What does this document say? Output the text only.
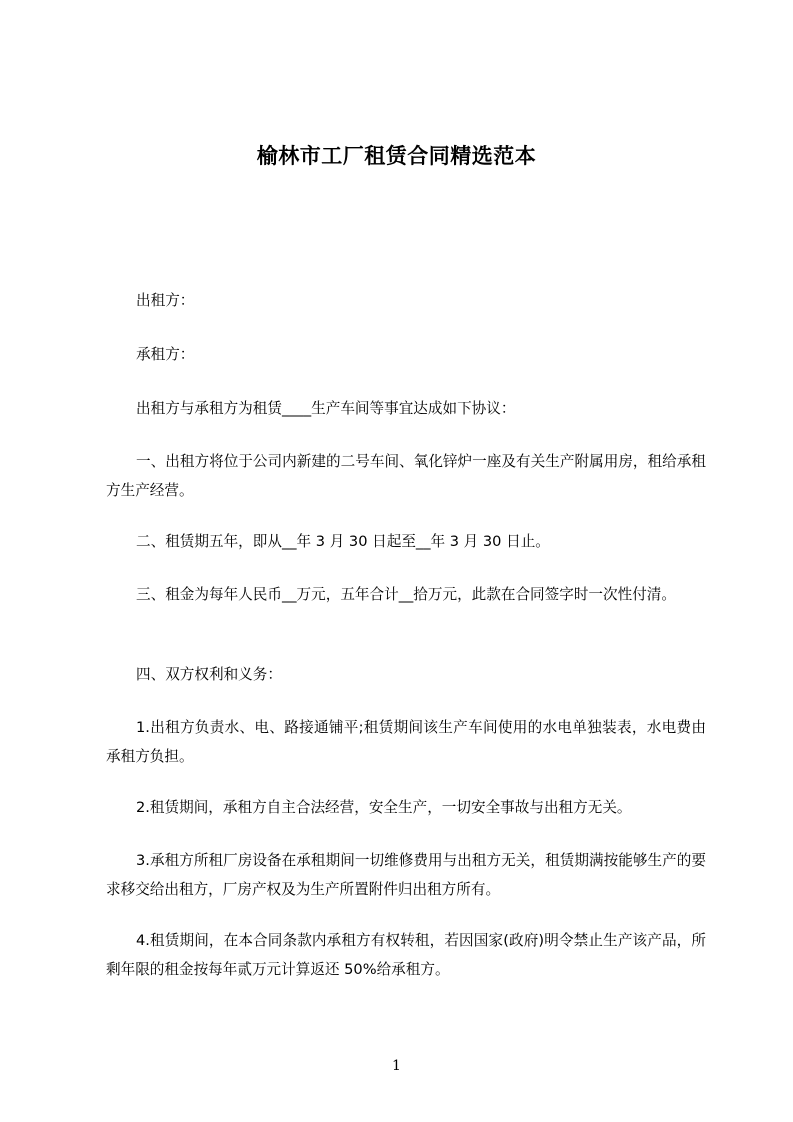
榆林市工厂租赁合同精选范本

出租方：

承租方：

出租方与承租方为租赁____生产车间等事宜达成如下协议：

一、出租方将位于公司内新建的二号车间、氧化锌炉一座及有关生产附属用房，租给承租方生产经营。

二、租赁期五年，即从__年 3 月 30 日起至__年 3 月 30 日止。

三、租金为每年人民币__万元，五年合计__拾万元，此款在合同签字时一次性付清。

四、双方权利和义务：

1.出租方负责水、电、路接通铺平;租赁期间该生产车间使用的水电单独装表，水电费由承租方负担。

2.租赁期间，承租方自主合法经营，安全生产，一切安全事故与出租方无关。

3.承租方所租厂房设备在承租期间一切维修费用与出租方无关，租赁期满按能够生产的要求移交给出租方，厂房产权及为生产所置附件归出租方所有。

4.租赁期间，在本合同条款内承租方有权转租，若因国家(政府)明令禁止生产该产品，所剩年限的租金按每年贰万元计算返还 50%给承租方。

1
